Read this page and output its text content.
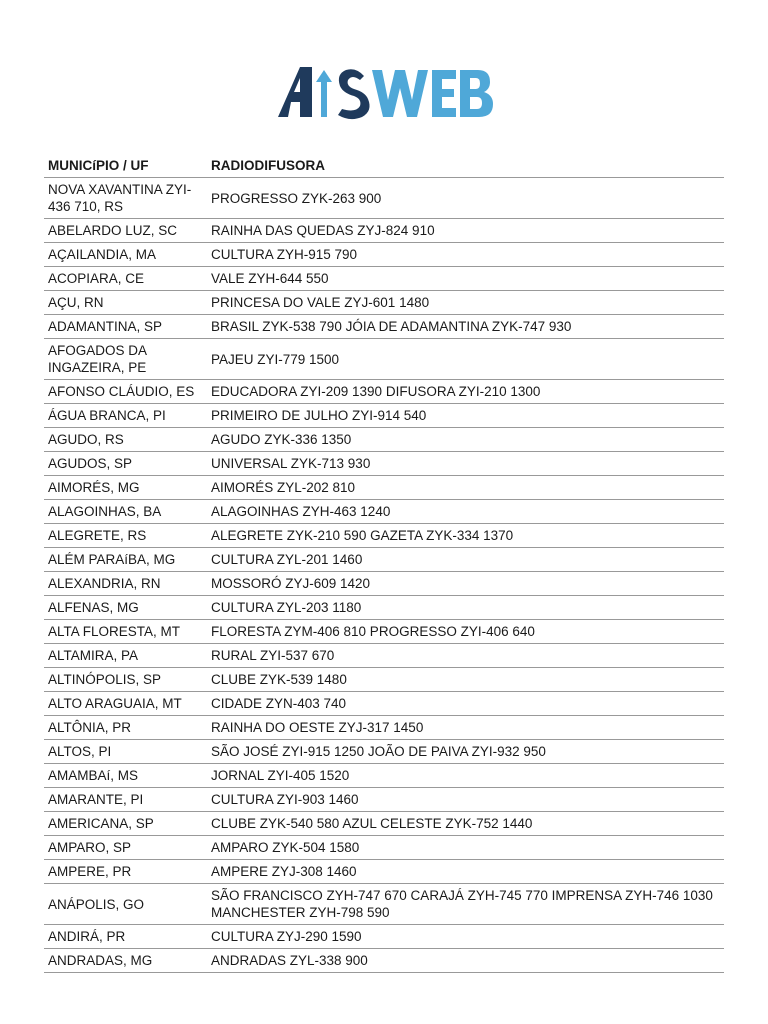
MUNICíPIO / UF	RADIODIFUSORA
NOVA XAVANTINA ZYI-436 710, RS	PROGRESSO ZYK-263 900
ABELARDO LUZ, SC	RAINHA DAS QUEDAS ZYJ-824 910
AÇAILANDIA, MA	CULTURA ZYH-915 790
ACOPIARA, CE	VALE ZYH-644 550
AÇU, RN	PRINCESA DO VALE ZYJ-601 1480
ADAMANTINA, SP	BRASIL ZYK-538 790 JÓIA DE ADAMANTINA ZYK-747 930
AFOGADOS DA INGAZEIRA, PE	PAJEU ZYI-779 1500
AFONSO CLÁUDIO, ES	EDUCADORA ZYI-209 1390 DIFUSORA ZYI-210 1300
ÁGUA BRANCA, PI	PRIMEIRO DE JULHO ZYI-914 540
AGUDO, RS	AGUDO ZYK-336 1350
AGUDOS, SP	UNIVERSAL ZYK-713 930
AIMORÉS, MG	AIMORÉS ZYL-202 810
ALAGOINHAS, BA	ALAGOINHAS ZYH-463 1240
ALEGRETE, RS	ALEGRETE ZYK-210 590 GAZETA ZYK-334 1370
ALÉM PARAíBA, MG	CULTURA ZYL-201 1460
ALEXANDRIA, RN	MOSSORÓ ZYJ-609 1420
ALFENAS, MG	CULTURA ZYL-203 1180
ALTA FLORESTA, MT	FLORESTA ZYM-406 810 PROGRESSO ZYI-406 640
ALTAMIRA, PA	RURAL ZYI-537 670
ALTINÓPOLIS, SP	CLUBE ZYK-539 1480
ALTO ARAGUAIA, MT	CIDADE ZYN-403 740
ALTÔNIA, PR	RAINHA DO OESTE ZYJ-317 1450
ALTOS, PI	SÃO JOSÉ ZYI-915 1250 JOÃO DE PAIVA ZYI-932 950
AMAMBAí, MS	JORNAL ZYI-405 1520
AMARANTE, PI	CULTURA ZYI-903 1460
AMERICANA, SP	CLUBE ZYK-540 580 AZUL CELESTE ZYK-752 1440
AMPARO, SP	AMPARO ZYK-504 1580
AMPERE, PR	AMPERE ZYJ-308 1460
ANÁPOLIS, GO	SÃO FRANCISCO ZYH-747 670 CARAJÁ ZYH-745 770 IMPRENSA ZYH-746 1030 MANCHESTER ZYH-798 590
ANDIRÁ, PR	CULTURA ZYJ-290 1590
ANDRADAS, MG	ANDRADAS ZYL-338 900
